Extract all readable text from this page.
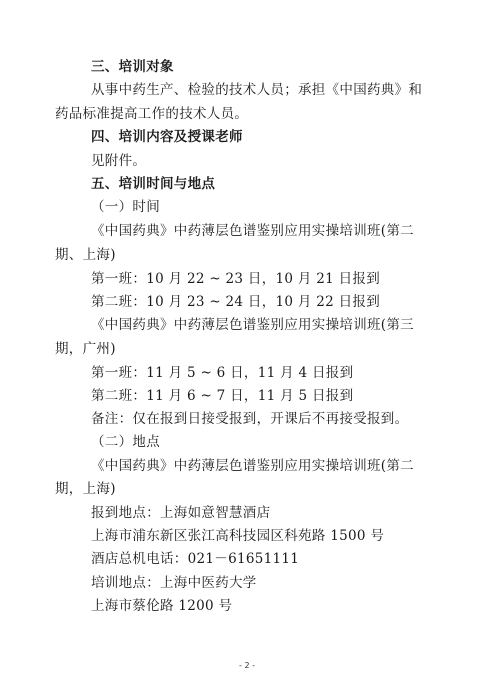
三、培训对象
从事中药生产、检验的技术人员；承担《中国药典》和
药品标准提高工作的技术人员。
四、培训内容及授课老师
见附件。
五、培训时间与地点
（一）时间
《中国药典》中药薄层色谱鉴别应用实操培训班(第二
期、上海)
第一班：10 月 22 ~ 23 日，10 月 21 日报到
第二班：10 月 23 ~ 24 日，10 月 22 日报到
《中国药典》中药薄层色谱鉴别应用实操培训班(第三
期，广州)
第一班：11 月 5 ~ 6 日，11 月 4 日报到
第二班：11 月 6 ~ 7 日，11 月 5 日报到
备注：仅在报到日接受报到，开课后不再接受报到。
（二）地点
《中国药典》中药薄层色谱鉴别应用实操培训班(第二
期，上海)
报到地点：上海如意智慧酒店
上海市浦东新区张江高科技园区科苑路 1500 号
酒店总机电话：021－61651111
培训地点：上海中医药大学
上海市蔡伦路 1200 号
- 2 -
